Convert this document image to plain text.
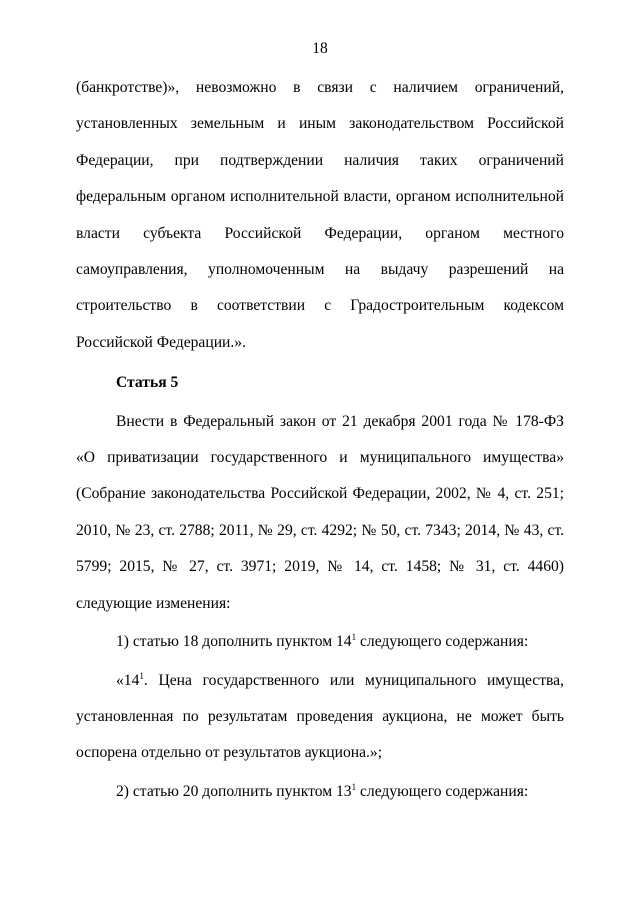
18

(банкротстве)», невозможно в связи с наличием ограничений, установленных земельным и иным законодательством Российской Федерации, при подтверждении наличия таких ограничений федеральным органом исполнительной власти, органом исполнительной власти субъекта Российской Федерации, органом местного самоуправления, уполномоченным на выдачу разрешений на строительство в соответствии с Градостроительным кодексом Российской Федерации.».

Статья 5

Внести в Федеральный закон от 21 декабря 2001 года № 178-ФЗ «О приватизации государственного и муниципального имущества» (Собрание законодательства Российской Федерации, 2002, № 4, ст. 251; 2010, № 23, ст. 2788; 2011, № 29, ст. 4292; № 50, ст. 7343; 2014, № 43, ст. 5799; 2015, № 27, ст. 3971; 2019, № 14, ст. 1458; № 31, ст. 4460) следующие изменения:

1) статью 18 дополнить пунктом $14^1$ следующего содержания:

«$14^1$. Цена государственного или муниципального имущества, установленная по результатам проведения аукциона, не может быть оспорена отдельно от результатов аукциона.»;

2) статью 20 дополнить пунктом $13^1$ следующего содержания:
